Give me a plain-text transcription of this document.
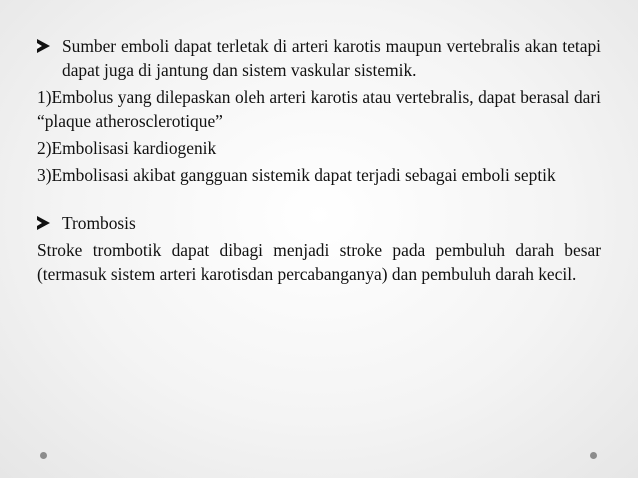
Sumber emboli dapat terletak di arteri karotis maupun vertebralis akan tetapi dapat juga di jantung dan sistem vaskular sistemik.

1)Embolus yang dilepaskan oleh arteri karotis atau vertebralis, dapat berasal dari “plaque atherosclerotique”

2)Embolisasi kardiogenik

3)Embolisasi akibat gangguan sistemik dapat terjadi sebagai emboli septik

Trombosis

Stroke trombotik dapat dibagi menjadi stroke pada pembuluh darah besar (termasuk sistem arteri karotisdan percabanganya) dan pembuluh darah kecil.
